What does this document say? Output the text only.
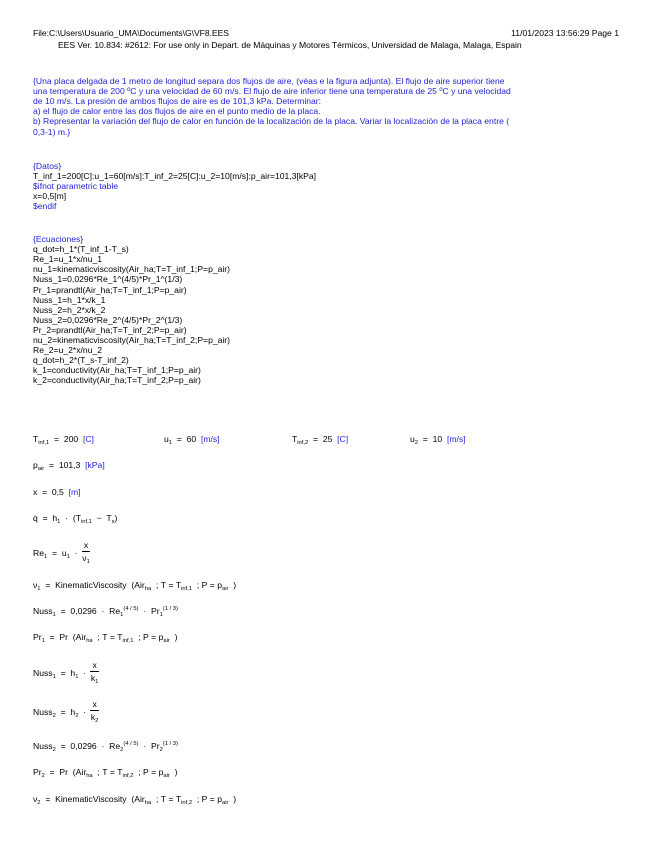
File:C:\Users\Usuario_UMA\Documents\G\VF8.EES	11/01/2023 13:56:29 Page 1
EES Ver. 10.834: #2612: For use only in Depart. de Máquinas y Motores Térmicos, Universidad de Malaga, Malaga, Espain

{Una placa delgada de 1 metro de longitud separa dos flujos de aire, (véas e la figura adjunta). El flujo de aire superior tiene
una temperatura de 200 ºC y una velocidad de 60 m/s. El flujo de aire inferior tiene una temperatura de 25 ºC y una velocidad
de 10 m/s. La presión de ambos flujos de aire es de 101,3 kPa. Determinar:
a) el flujo de calor entre las dos flujos de aire en el punto medio de la placa.
b) Representar la variación del flujo de calor en función de la localización de la placa. Variar la localización de la placa entre (
0,3-1) m.}

{Datos}
T_inf_1=200[C]:u_1=60[m/s]:T_inf_2=25[C]:u_2=10[m/s]:p_air=101,3[kPa]
$ifnot parametric table
x=0,5[m]
$endif

{Ecuaciones}
q_dot=h_1*(T_inf_1-T_s)
Re_1=u_1*x/nu_1
nu_1=kinematicviscosity(Air_ha;T=T_inf_1;P=p_air)
Nuss_1=0,0296*Re_1^(4/5)*Pr_1^(1/3)
Pr_1=prandtl(Air_ha;T=T_inf_1;P=p_air)
Nuss_1=h_1*x/k_1
Nuss_2=h_2*x/k_2
Nuss_2=0,0296*Re_2^(4/5)*Pr_2^(1/3)
Pr_2=prandtl(Air_ha;T=T_inf_2;P=p_air)
nu_2=kinematicviscosity(Air_ha;T=T_inf_2;P=p_air)
Re_2=u_2*x/nu_2
q_dot=h_2*(T_s-T_inf_2)
k_1=conductivity(Air_ha;T=T_inf_1;P=p_air)
k_2=conductivity(Air_ha;T=T_inf_2;P=p_air)

$T_{inf,1} = 200$ [C]	$u_1 = 60$ [m/s]	$T_{inf,2} = 25$ [C]	$u_2 = 10$ [m/s]
$p_{air} = 101,3$ [kPa]
x = 0,5 [m]
q̇ = $h_1 \cdot (T_{inf,1} - T_s)$
$Re_1 = u_1 \cdot \frac{x}{\nu_1}$
$\nu_1$ = KinematicViscosity (Air$_{ha}$ ; $T = T_{inf,1}$ ; $P = p_{air}$ )
Nuss$_1$ = $0,0296 \cdot Re_1^{(4 / 5)} \cdot Pr_1^{(1 / 3)}$
$Pr_1 = Pr$ (Air$_{ha}$ ; $T = T_{inf,1}$ ; $P = p_{air}$ )
Nuss$_1$ = $h_1 \cdot \frac{x}{k_1}$
Nuss$_2$ = $h_2 \cdot \frac{x}{k_2}$
Nuss$_2$ = $0,0296 \cdot Re_2^{(4 / 5)} \cdot Pr_2^{(1 / 3)}$
$Pr_2 = Pr$ (Air$_{ha}$ ; $T = T_{inf,2}$ ; $P = p_{air}$ )
$\nu_2$ = KinematicViscosity (Air$_{ha}$ ; $T = T_{inf,2}$ ; $P = p_{air}$ )
